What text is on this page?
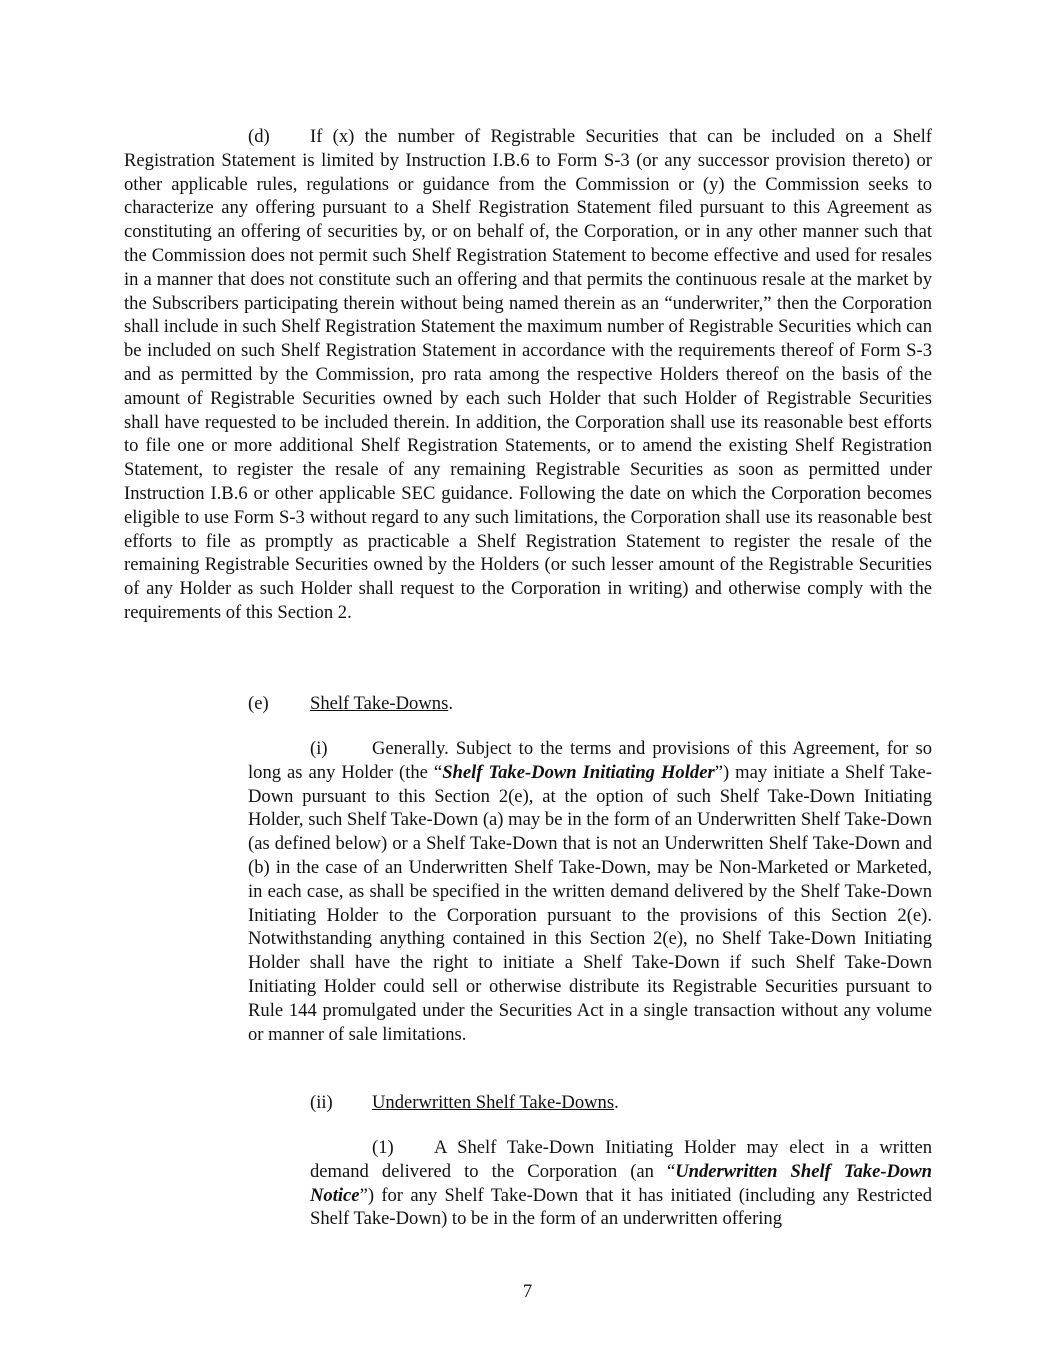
(d) If (x) the number of Registrable Securities that can be included on a Shelf Registration Statement is limited by Instruction I.B.6 to Form S-3 (or any successor provision thereto) or other applicable rules, regulations or guidance from the Commission or (y) the Commission seeks to characterize any offering pursuant to a Shelf Registration Statement filed pursuant to this Agreement as constituting an offering of securities by, or on behalf of, the Corporation, or in any other manner such that the Commission does not permit such Shelf Registration Statement to become effective and used for resales in a manner that does not constitute such an offering and that permits the continuous resale at the market by the Subscribers participating therein without being named therein as an “underwriter,” then the Corporation shall include in such Shelf Registration Statement the maximum number of Registrable Securities which can be included on such Shelf Registration Statement in accordance with the requirements thereof of Form S-3 and as permitted by the Commission, pro rata among the respective Holders thereof on the basis of the amount of Registrable Securities owned by each such Holder that such Holder of Registrable Securities shall have requested to be included therein. In addition, the Corporation shall use its reasonable best efforts to file one or more additional Shelf Registration Statements, or to amend the existing Shelf Registration Statement, to register the resale of any remaining Registrable Securities as soon as permitted under Instruction I.B.6 or other applicable SEC guidance. Following the date on which the Corporation becomes eligible to use Form S-3 without regard to any such limitations, the Corporation shall use its reasonable best efforts to file as promptly as practicable a Shelf Registration Statement to register the resale of the remaining Registrable Securities owned by the Holders (or such lesser amount of the Registrable Securities of any Holder as such Holder shall request to the Corporation in writing) and otherwise comply with the requirements of this Section 2.

(e) Shelf Take-Downs.

(i) Generally. Subject to the terms and provisions of this Agreement, for so long as any Holder (the “Shelf Take-Down Initiating Holder”) may initiate a Shelf Take-Down pursuant to this Section 2(e), at the option of such Shelf Take-Down Initiating Holder, such Shelf Take-Down (a) may be in the form of an Underwritten Shelf Take-Down (as defined below) or a Shelf Take-Down that is not an Underwritten Shelf Take-Down and (b) in the case of an Underwritten Shelf Take-Down, may be Non-Marketed or Marketed, in each case, as shall be specified in the written demand delivered by the Shelf Take-Down Initiating Holder to the Corporation pursuant to the provisions of this Section 2(e). Notwithstanding anything contained in this Section 2(e), no Shelf Take-Down Initiating Holder shall have the right to initiate a Shelf Take-Down if such Shelf Take-Down Initiating Holder could sell or otherwise distribute its Registrable Securities pursuant to Rule 144 promulgated under the Securities Act in a single transaction without any volume or manner of sale limitations.

(ii) Underwritten Shelf Take-Downs.

(1) A Shelf Take-Down Initiating Holder may elect in a written demand delivered to the Corporation (an “Underwritten Shelf Take-Down Notice”) for any Shelf Take-Down that it has initiated (including any Restricted Shelf Take-Down) to be in the form of an underwritten offering

7
